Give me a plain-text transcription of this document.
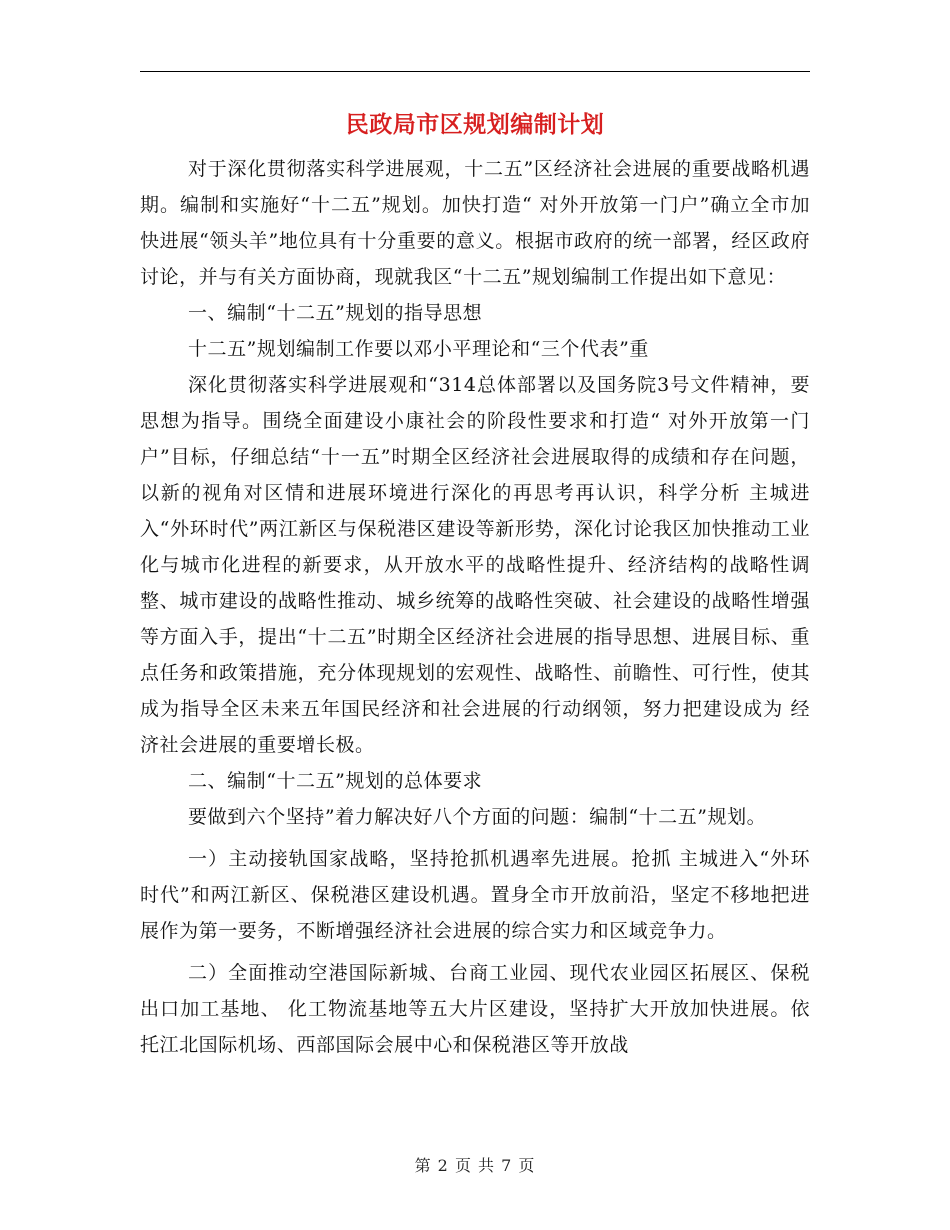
民政局市区规划编制计划

对于深化贯彻落实科学进展观，十二五”区经济社会进展的重要战略机遇期。编制和实施好“十二五”规划。加快打造“ 对外开放第一门户”确立全市加快进展“领头羊”地位具有十分重要的意义。根据市政府的统一部署，经区政府讨论，并与有关方面协商，现就我区“十二五”规划编制工作提出如下意见：

一、编制“十二五”规划的指导思想

十二五”规划编制工作要以邓小平理论和“三个代表”重

深化贯彻落实科学进展观和“314总体部署以及国务院3号文件精神，要思想为指导。围绕全面建设小康社会的阶段性要求和打造“ 对外开放第一门户”目标，仔细总结“十一五”时期全区经济社会进展取得的成绩和存在问题，以新的视角对区情和进展环境进行深化的再思考再认识，科学分析 主城进入“外环时代”两江新区与保税港区建设等新形势，深化讨论我区加快推动工业化与城市化进程的新要求，从开放水平的战略性提升、经济结构的战略性调整、城市建设的战略性推动、城乡统筹的战略性突破、社会建设的战略性增强等方面入手，提出“十二五”时期全区经济社会进展的指导思想、进展目标、重点任务和政策措施，充分体现规划的宏观性、战略性、前瞻性、可行性，使其成为指导全区未来五年国民经济和社会进展的行动纲领，努力把建设成为 经济社会进展的重要增长极。

二、编制“十二五”规划的总体要求

要做到六个坚持”着力解决好八个方面的问题：编制“十二五”规划。

一）主动接轨国家战略，坚持抢抓机遇率先进展。抢抓 主城进入“外环时代”和两江新区、保税港区建设机遇。置身全市开放前沿，坚定不移地把进展作为第一要务，不断增强经济社会进展的综合实力和区域竞争力。

二）全面推动空港国际新城、台商工业园、现代农业园区拓展区、保税出口加工基地、 化工物流基地等五大片区建设，坚持扩大开放加快进展。依托江北国际机场、西部国际会展中心和保税港区等开放战

第 2 页 共 7 页
